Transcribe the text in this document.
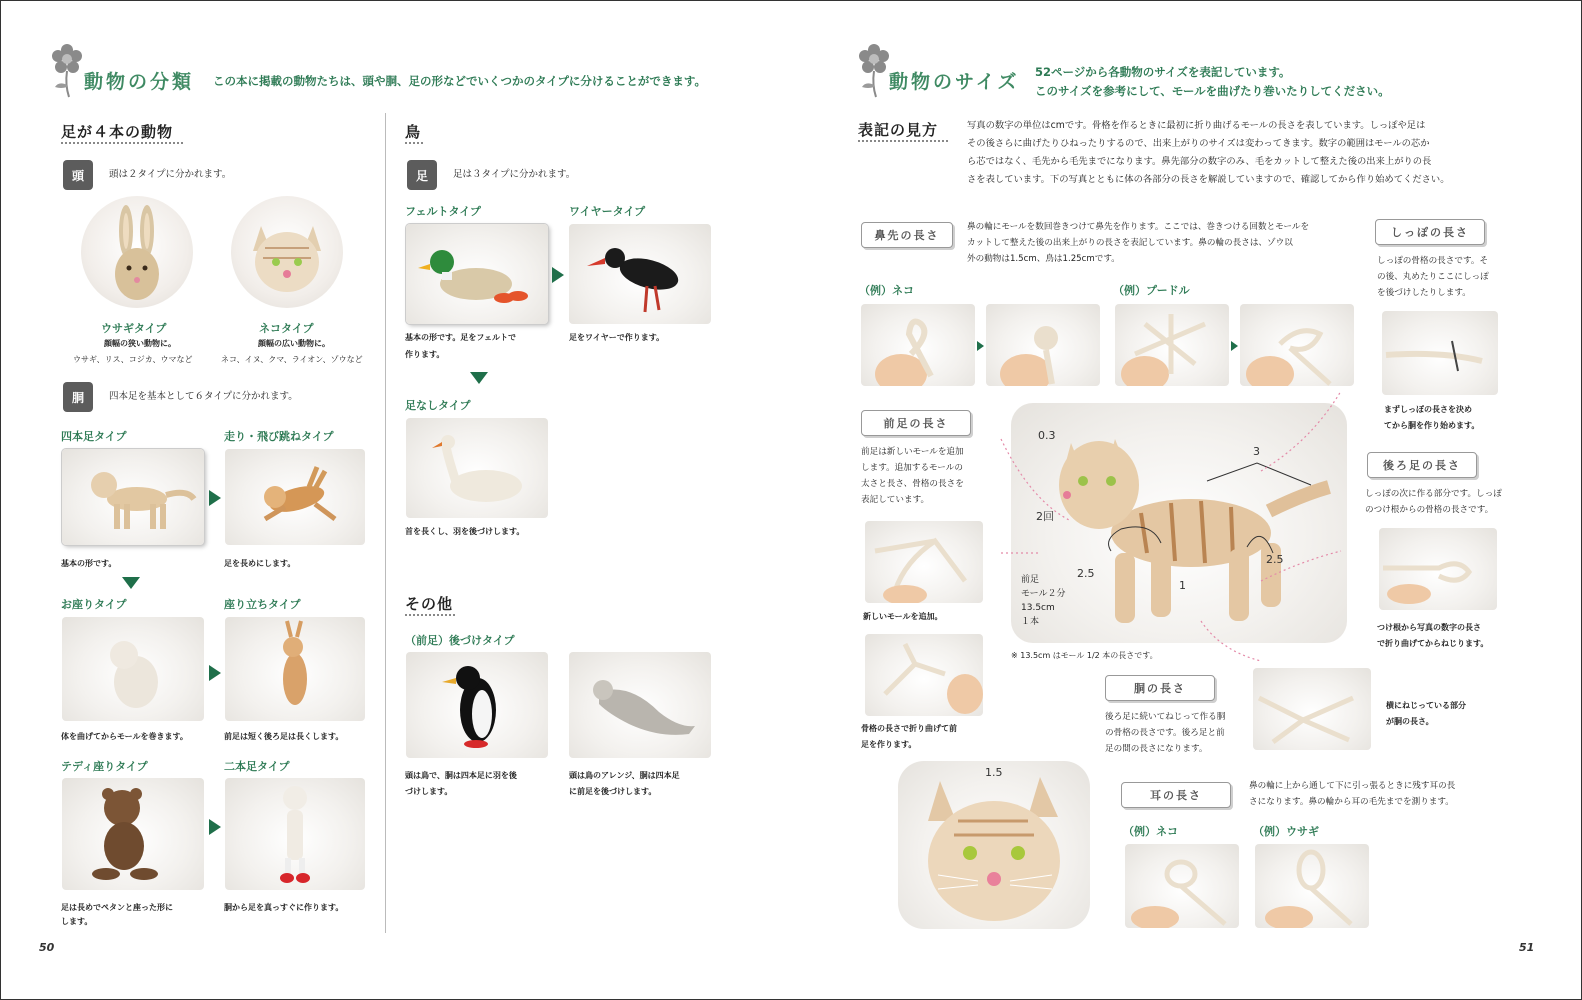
動物の分類 この本に掲載の動物たちは、頭や胴、足の形などでいくつかのタイプに分けることができます。
足が４本の動物
頭	頭は２タイプに分かれます。
ウサギタイプ
顔幅の狭い動物に。
ウサギ、リス、コジカ、ウマなど
ネコタイプ
顔幅の広い動物に。
ネコ、イヌ、クマ、ライオン、ゾウなど
胴	四本足を基本として６タイプに分かれます。
四本足タイプ	走り・飛び跳ねタイプ
基本の形です。	足を長めにします。
お座りタイプ	座り立ちタイプ
体を曲げてからモールを巻きます。	前足は短く後ろ足は長くします。
テディ座りタイプ	二本足タイプ
足は長めでペタンと座った形に
します。
胴から足を真っすぐに作ります。
鳥
足	足は３タイプに分かれます。
フェルトタイプ	ワイヤータイプ
基本の形です。足をフェルトで
作ります。
足をワイヤーで作ります。
足なしタイプ
首を長くし、羽を後づけします。
その他
（前足）後づけタイプ
頭は鳥で、胴は四本足に羽を後
づけします。
頭は鳥のアレンジ、胴は四本足
に前足を後づけします。
50
動物のサイズ 52ページから各動物のサイズを表記しています。
このサイズを参考にして、モールを曲げたり巻いたりしてください。
表記の見方	写真の数字の単位はcmです。骨格を作るときに最初に折り曲げるモールの長さを表しています。しっぽや足は
その後さらに曲げたりひねったりするので、出来上がりのサイズは変わってきます。数字の範囲はモールの芯か
ら芯ではなく、毛先から毛先までになります。鼻先部分の数字のみ、毛をカットして整えた後の出来上がりの長
さを表しています。下の写真とともに体の各部分の長さを解説していますので、確認してから作り始めてください。
鼻先の長さ
鼻の輪にモールを数回巻きつけて鼻先を作ります。ここでは、巻きつける回数とモールを
カットして整えた後の出来上がりの長さを表記しています。鼻の輪の長さは、ゾウ以
外の動物は1.5cm、鳥は1.25cmです。
（例）ネコ	（例）プードル
しっぽの長さ
しっぽの骨格の長さです。そ
の後、丸めたりここにしっぽ
を後づけしたりします。
まずしっぽの長さを決め
てから胴を作り始めます。
前足の長さ
前足は新しいモールを追加
します。追加するモールの
太さと長さ、骨格の長さを
表記しています。
新しいモールを追加。
骨格の長さで折り曲げて前
足を作ります。
0.3
3
2回
2.5
2.5
1
前足
モール２分
13.5cm
１本
※ 13.5cm はモール 1/2 本の長さです。
後ろ足の長さ
しっぽの次に作る部分です。しっぽ
のつけ根からの骨格の長さです。
つけ根から写真の数字の長さ
で折り曲げてからねじります。
胴の長さ
後ろ足に続いてねじって作る胴
の骨格の長さです。後ろ足と前
足の間の長さになります。
横にねじっている部分
が胴の長さ。
1.5
耳の長さ
鼻の輪に上から通して下に引っ張るときに残す耳の長
さになります。鼻の輪から耳の毛先までを測ります。
（例）ネコ	（例）ウサギ
51
